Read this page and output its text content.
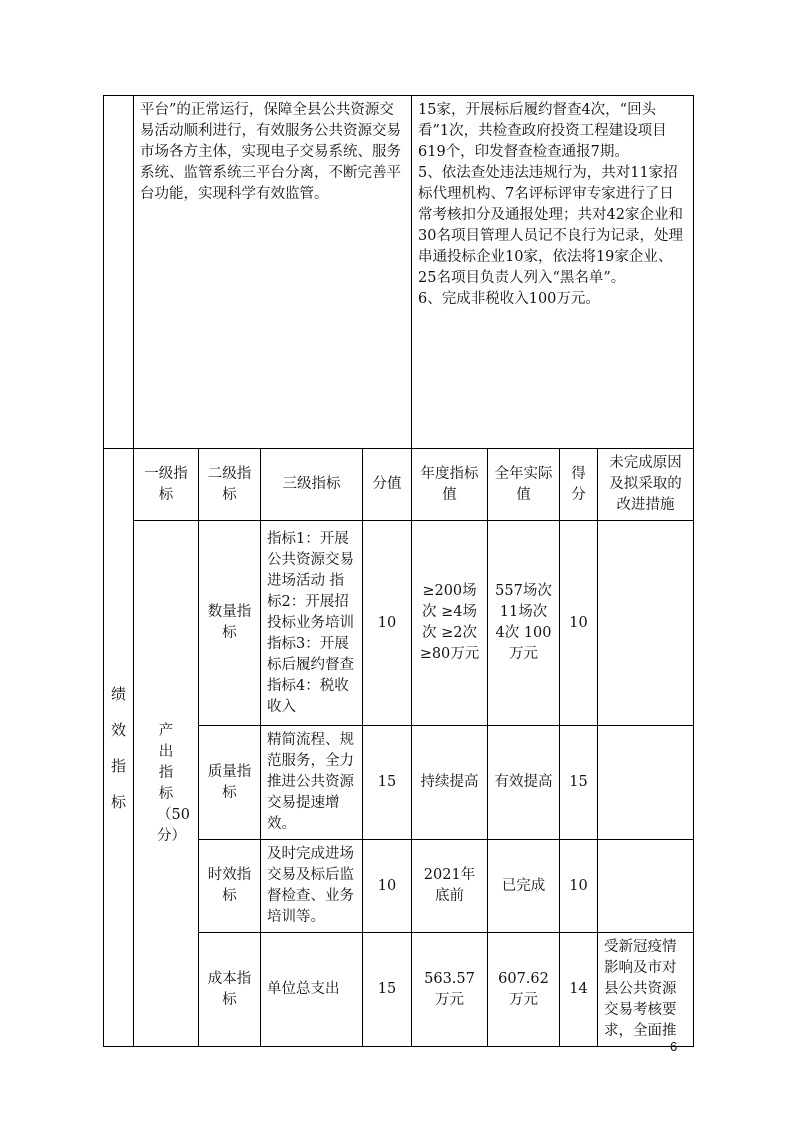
	平台”的正常运行，保障全县公共资源交易活动顺利进行，有效服务公共资源交易市场各方主体，实现电子交易系统、服务系统、监管系统三平台分离，不断完善平台功能，实现科学有效监管。				15家，开展标后履约督查4次，“回头看”1次，共检查政府投资工程建设项目619个，印发督查检查通报7期。
5、依法查处违法违规行为，共对11家招标代理机构、7名评标评审专家进行了日常考核扣分及通报处理；共对42家企业和30名项目管理人员记不良行为记录，处理串通投标企业10家，依法将19家企业、25名项目负责人列入“黑名单”。
6、完成非税收入100万元。			

绩效指标	一级指标	二级指标	三级指标	分值	年度指标值	全年实际值	得分	未完成原因及拟采取的改进措施

	产出指标（50分）	数量指标	指标1：开展公共资源交易进场活动 指标2：开展招投标业务培训 指标3：开展标后履约督查 指标4：税收收入	10	≥200场次 ≥4场次 ≥2次 ≥80万元	557场次 11场次 4次 100万元	10	
		质量指标	精简流程、规范服务，全力推进公共资源交易提速增效。	15	持续提高	有效提高	15	
		时效指标	及时完成进场交易及标后监督检查、业务培训等。	10	2021年底前	已完成	10	
		成本指标	单位总支出	15	563.57万元	607.62万元	14	受新冠疫情影响及市对县公共资源交易考核要求，全面推
6
